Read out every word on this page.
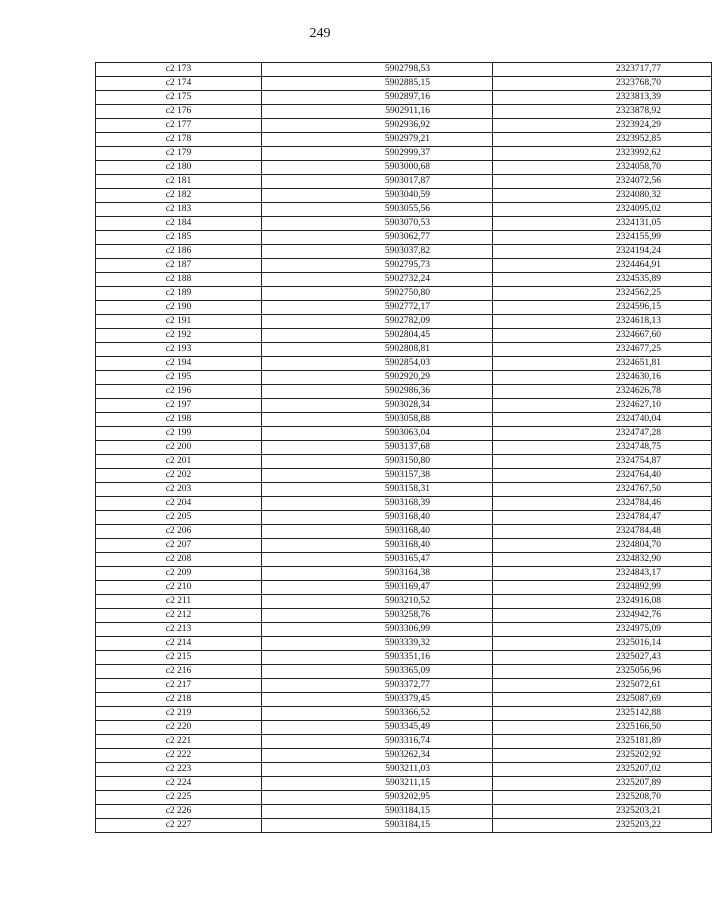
249
с2 173	5902798,53	2323717,77
с2 174	5902885,15	2323768,70
с2 175	5902897,16	2323813,39
с2 176	5902911,16	2323878,92
с2 177	5902936,92	2323924,29
с2 178	5902979,21	2323952,85
с2 179	5902999,37	2323992,62
с2 180	5903000,68	2324058,70
с2 181	5903017,87	2324072,56
с2 182	5903040,59	2324080,32
с2 183	5903055,56	2324095,02
с2 184	5903070,53	2324131,05
с2 185	5903062,77	2324155,99
с2 186	5903037,82	2324194,24
с2 187	5902795,73	2324464,91
с2 188	5902732,24	2324535,89
с2 189	5902750,80	2324562,25
с2 190	5902772,17	2324596,15
с2 191	5902782,09	2324618,13
с2 192	5902804,45	2324667,60
с2 193	5902808,81	2324677,25
с2 194	5902854,03	2324651,81
с2 195	5902920,29	2324630,16
с2 196	5902986,36	2324626,78
с2 197	5903028,34	2324627,10
с2 198	5903058,88	2324740,04
с2 199	5903063,04	2324747,28
с2 200	5903137,68	2324748,75
с2 201	5903150,80	2324754,87
с2 202	5903157,38	2324764,40
с2 203	5903158,31	2324767,50
с2 204	5903168,39	2324784,46
с2 205	5903168,40	2324784,47
с2 206	5903168,40	2324784,48
с2 207	5903168,40	2324804,70
с2 208	5903165,47	2324832,90
с2 209	5903164,38	2324843,17
с2 210	5903169,47	2324892,99
с2 211	5903210,52	2324916,08
с2 212	5903258,76	2324942,76
с2 213	5903306,99	2324975,09
с2 214	5903339,32	2325016,14
с2 215	5903351,16	2325027,43
с2 216	5903365,09	2325056,96
с2 217	5903372,77	2325072,61
с2 218	5903379,45	2325087,69
с2 219	5903366,52	2325142,88
с2 220	5903345,49	2325166,50
с2 221	5903316,74	2325181,89
с2 222	5903262,34	2325202,92
с2 223	5903211,03	2325207,02
с2 224	5903211,15	2325207,89
с2 225	5903202,95	2325208,70
с2 226	5903184,15	2325203,21
с2 227	5903184,15	2325203,22
